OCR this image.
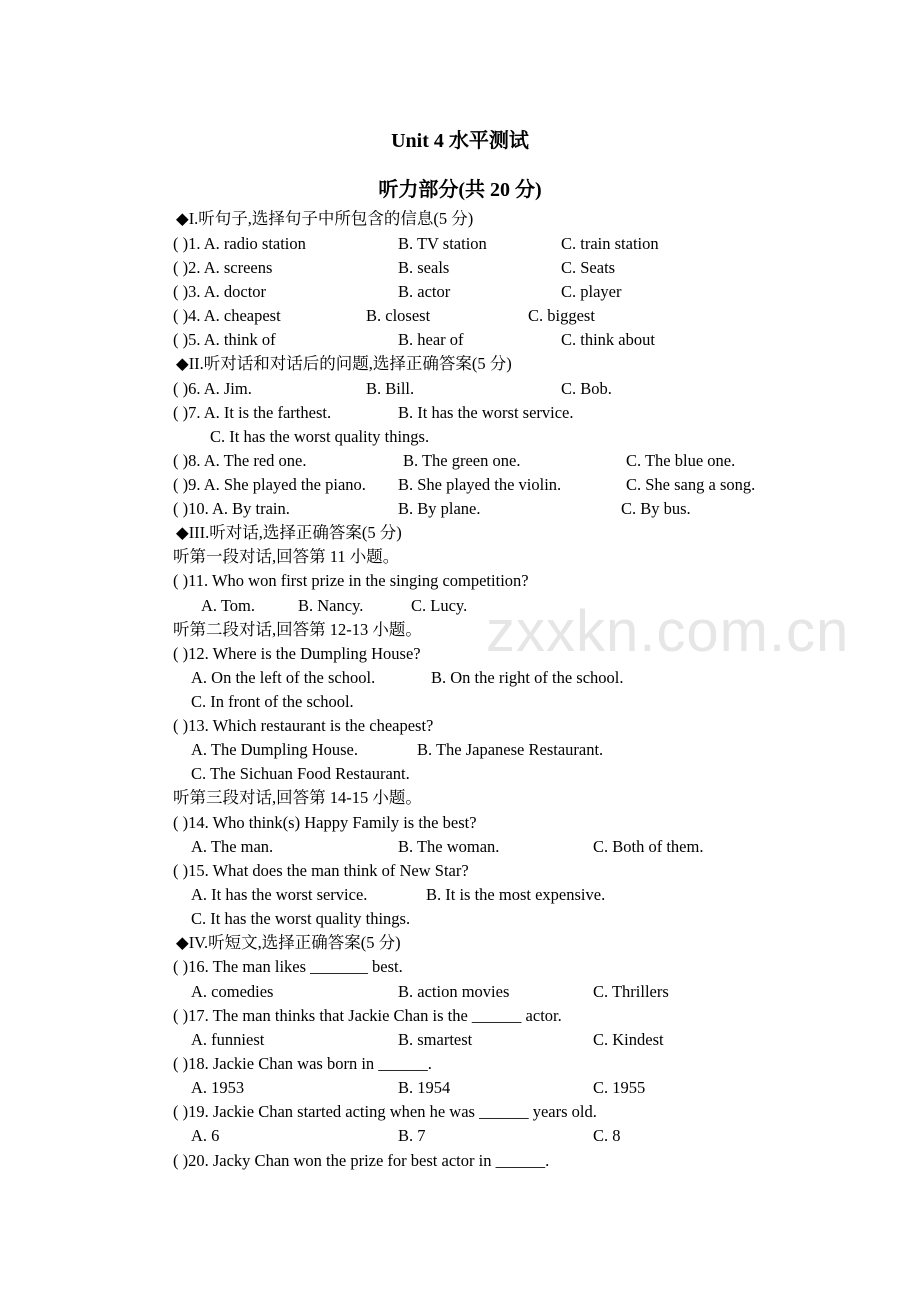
zxxkn.com.cn
Unit 4 水平测试
听力部分(共 20 分)
◆I.听句子,选择句子中所包含的信息(5 分)
( )1. A. radio station	B. TV station	C. train station
( )2. A. screens	B. seals	C. Seats
( )3. A. doctor	B. actor	C. player
( )4. A. cheapest	B. closest	C. biggest
( )5. A. think of	B. hear of	C. think about
◆II.听对话和对话后的问题,选择正确答案(5 分)
( )6. A. Jim.	B. Bill.	C. Bob.
( )7. A. It is the farthest.	B. It has the worst service.
C. It has the worst quality things.
( )8. A. The red one.	B. The green one.	C. The blue one.
( )9. A. She played the piano. B. She played the violin.	C. She sang a song.
( )10. A. By train.	B. By plane.	C. By bus.
◆III.听对话,选择正确答案(5 分)
听第一段对话,回答第 11 小题。
( )11. Who won first prize in the singing competition?
A. Tom.	B. Nancy.	C. Lucy.
听第二段对话,回答第 12-13 小题。
( )12. Where is the Dumpling House?
A. On the left of the school.	B. On the right of the school.
C. In front of the school.
( )13. Which restaurant is the cheapest?
A. The Dumpling House.	B. The Japanese Restaurant.
C. The Sichuan Food Restaurant.
听第三段对话,回答第 14-15 小题。
( )14. Who think(s) Happy Family is the best?
A. The man.	B. The woman.	C. Both of them.
( )15. What does the man think of New Star?
A. It has the worst service.	B. It is the most expensive.
C. It has the worst quality things.
◆IV.听短文,选择正确答案(5 分)
( )16. The man likes _______ best.
A. comedies	B. action movies	C. Thrillers
( )17. The man thinks that Jackie Chan is the ______ actor.
A. funniest	B. smartest	C. Kindest
( )18. Jackie Chan was born in ______.
A. 1953	B. 1954	C. 1955
( )19. Jackie Chan started acting when he was ______ years old.
A. 6	B. 7	C. 8
( )20. Jacky Chan won the prize for best actor in ______.
